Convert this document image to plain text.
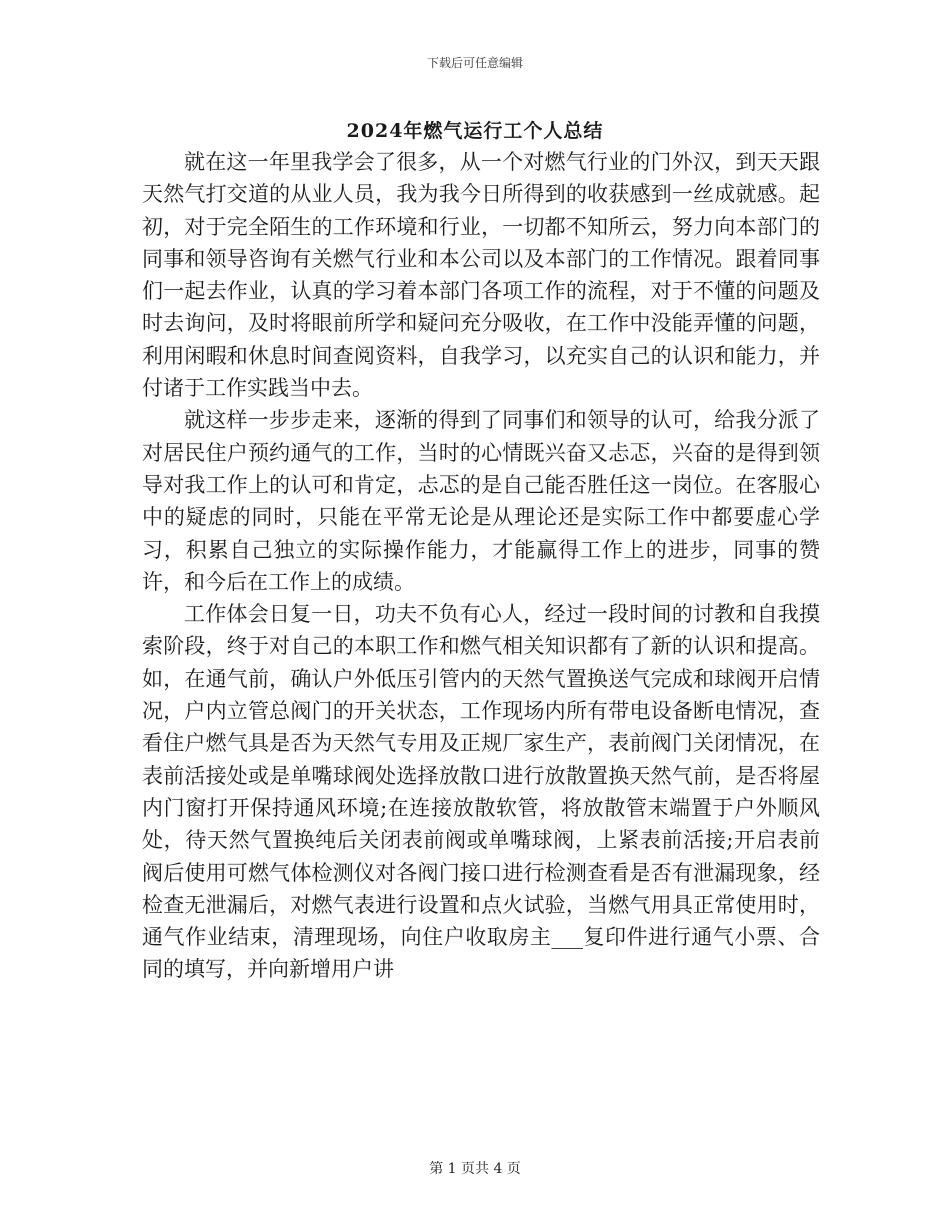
下载后可任意编辑
2024年燃气运行工个人总结

就在这一年里我学会了很多，从一个对燃气行业的门外汉，到天天跟天然气打交道的从业人员，我为我今日所得到的收获感到一丝成就感。起初，对于完全陌生的工作环境和行业，一切都不知所云，努力向本部门的同事和领导咨询有关燃气行业和本公司以及本部门的工作情况。跟着同事们一起去作业，认真的学习着本部门各项工作的流程，对于不懂的问题及时去询问，及时将眼前所学和疑问充分吸收，在工作中没能弄懂的问题，利用闲暇和休息时间查阅资料，自我学习，以充实自己的认识和能力，并付诸于工作实践当中去。

就这样一步步走来，逐渐的得到了同事们和领导的认可，给我分派了对居民住户预约通气的工作，当时的心情既兴奋又忐忑，兴奋的是得到领导对我工作上的认可和肯定，忐忑的是自己能否胜任这一岗位。在客服心中的疑虑的同时，只能在平常无论是从理论还是实际工作中都要虚心学习，积累自己独立的实际操作能力，才能赢得工作上的进步，同事的赞许，和今后在工作上的成绩。

工作体会日复一日，功夫不负有心人，经过一段时间的讨教和自我摸索阶段，终于对自己的本职工作和燃气相关知识都有了新的认识和提高。如，在通气前，确认户外低压引管内的天然气置换送气完成和球阀开启情况，户内立管总阀门的开关状态，工作现场内所有带电设备断电情况，查看住户燃气具是否为天然气专用及正规厂家生产，表前阀门关闭情况，在表前活接处或是单嘴球阀处选择放散口进行放散置换天然气前，是否将屋内门窗打开保持通风环境;在连接放散软管，将放散管末端置于户外顺风处，待天然气置换纯后关闭表前阀或单嘴球阀，上紧表前活接;开启表前阀后使用可燃气体检测仪对各阀门接口进行检测查看是否有泄漏现象，经检查无泄漏后，对燃气表进行设置和点火试验，当燃气用具正常使用时，通气作业结束，清理现场，向住户收取房主___复印件进行通气小票、合同的填写，并向新增用户讲

第 1 页共 4 页
